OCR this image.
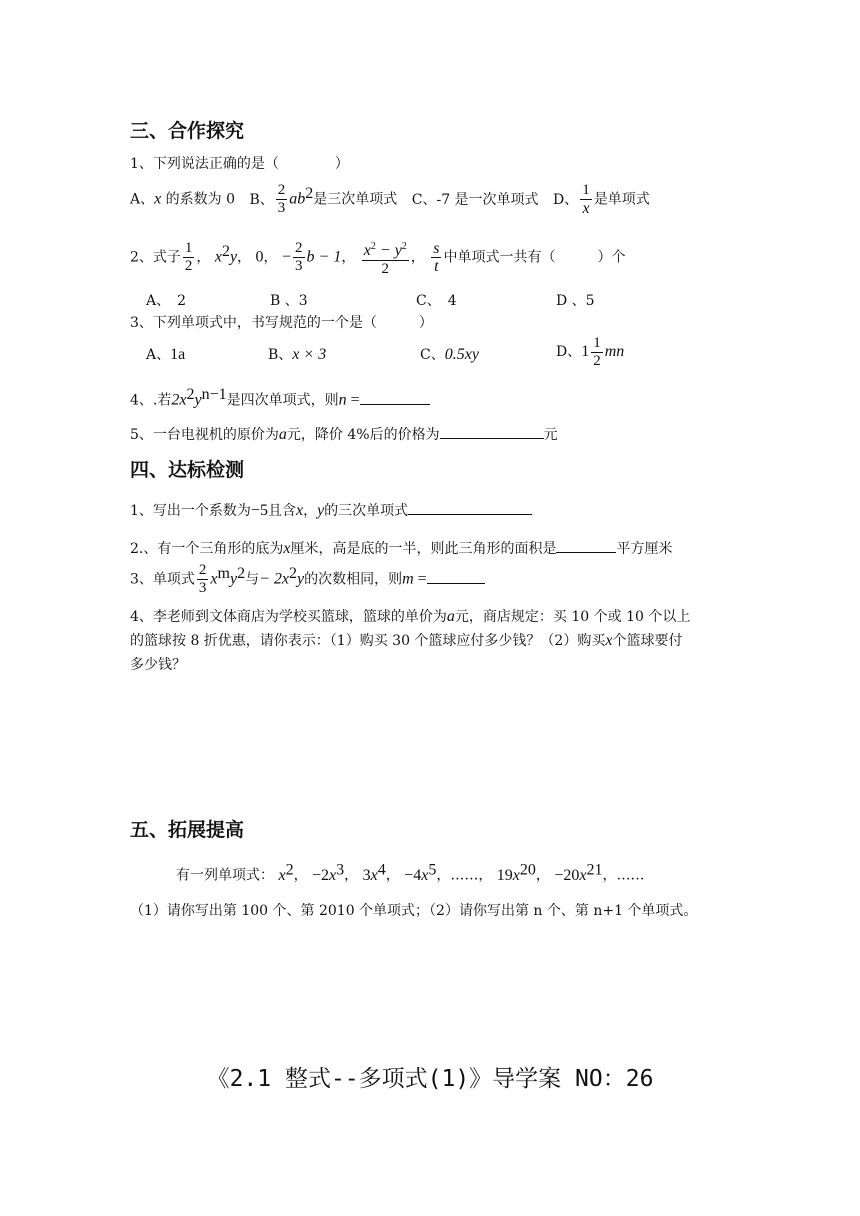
三、合作探究
1、下列说法正确的是（　　　　）
A、x 的系数为 0 B、 $\frac{2}{3} ab^2$是三次单项式 C、-7 是一次单项式 D、 $\frac{1}{x}$ 是单项式
2、式子 $\frac{1}{2}$ ， $x^2y$， 0， − $\frac{2}{3}$ b − 1， $\frac{x^2 - y^2}{2}$ ， $\frac{s}{t}$ 中单项式一共有（　　　）个
A、　2	B 、3	C、　4	D 、5
3、下列单项式中，书写规范的一个是（　　　）
A、1a	B、x × 3	C、0.5xy	D、$1 \frac{1}{2}$ mn
4、.若$2x^2y^{n-1}$是四次单项式，则n =
5、一台电视机的原价为a元，降价 4%后的价格为	元
四、达标检测
1、写出一个系数为−5且含x，y的三次单项式
2.、有一个三角形的底为x厘米，高是底的一半，则此三角形的面积是	平方厘米
3、单项式 $\frac{2}{3} x^my^2$与− $2x^2y$的次数相同，则m =
4、李老师到文体商店为学校买篮球，篮球的单价为a元，商店规定：买 10 个或 10 个以上
的篮球按 8 折优惠，请你表示：（1）购买 30 个篮球应付多少钱？（2）购买x个篮球要付
多少钱？
五、拓展提高
有一列单项式： $x^2$， $-2x^3$， $3x^4$， $-4x^5$，……， $19x^{20}$， $-20x^{21}$，……
（1）请你写出第 100 个、第 2010 个单项式；（2）请你写出第 n 个、第 n+1 个单项式。
《2.1 整式--多项式(1)》导学案 NO：26
